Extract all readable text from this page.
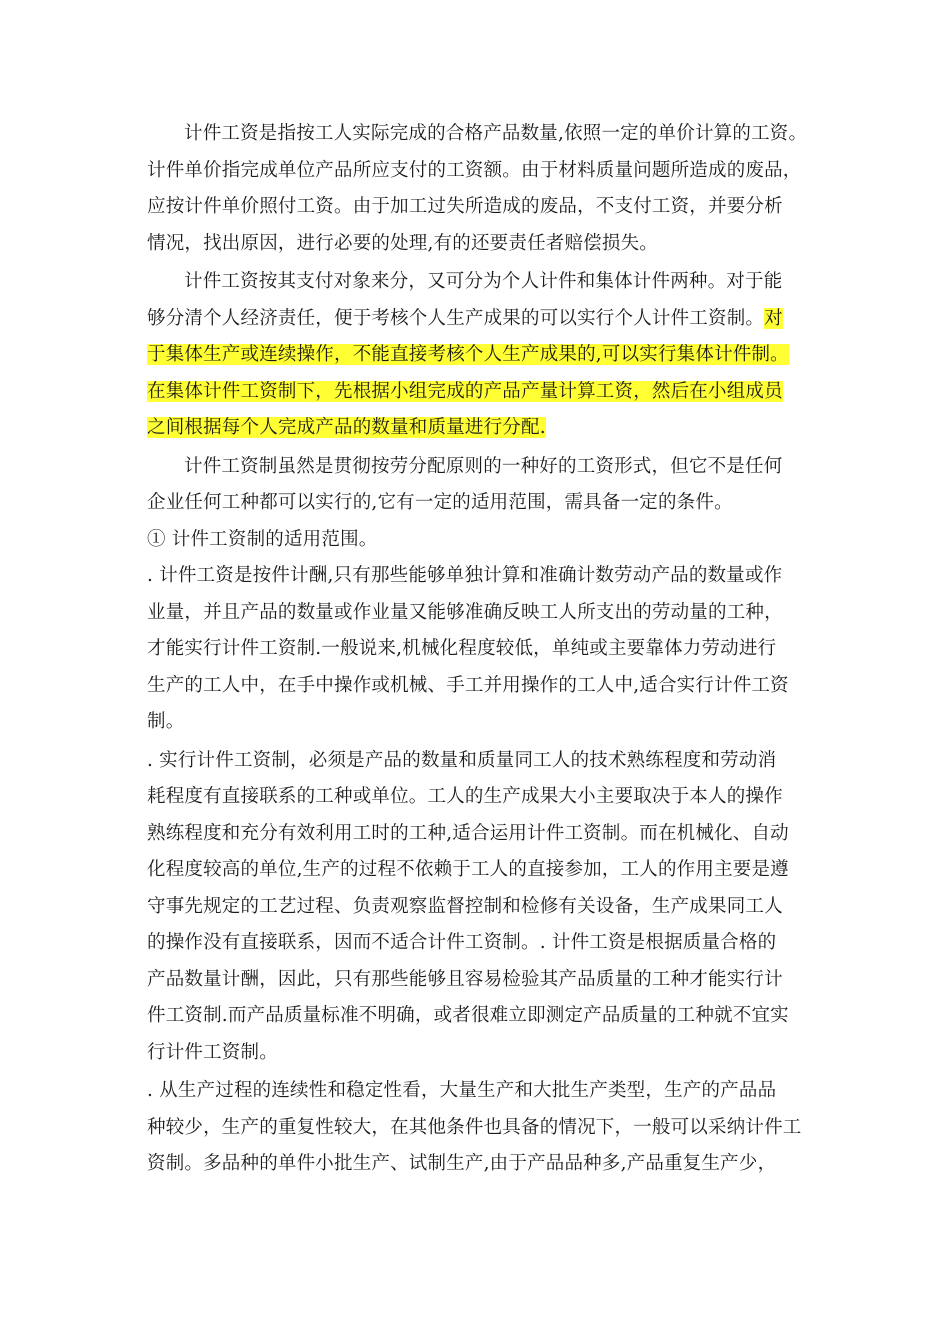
计件工资是指按工人实际完成的合格产品数量,依照一定的单价计算的工资。
计件单价指完成单位产品所应支付的工资额。由于材料质量问题所造成的废品，
应按计件单价照付工资。由于加工过失所造成的废品，不支付工资，并要分析
情况，找出原因，进行必要的处理,有的还要责任者赔偿损失。
计件工资按其支付对象来分，又可分为个人计件和集体计件两种。对于能
够分清个人经济责任，便于考核个人生产成果的可以实行个人计件工资制。对
于集体生产或连续操作，不能直接考核个人生产成果的,可以实行集体计件制。
在集体计件工资制下，先根据小组完成的产品产量计算工资，然后在小组成员
之间根据每个人完成产品的数量和质量进行分配.
计件工资制虽然是贯彻按劳分配原则的一种好的工资形式，但它不是任何
企业任何工种都可以实行的,它有一定的适用范围，需具备一定的条件。
① 计件工资制的适用范围。
. 计件工资是按件计酬,只有那些能够单独计算和准确计数劳动产品的数量或作
业量，并且产品的数量或作业量又能够准确反映工人所支出的劳动量的工种，
才能实行计件工资制.一般说来,机械化程度较低，单纯或主要靠体力劳动进行
生产的工人中，在手中操作或机械、手工并用操作的工人中,适合实行计件工资
制。
. 实行计件工资制，必须是产品的数量和质量同工人的技术熟练程度和劳动消
耗程度有直接联系的工种或单位。工人的生产成果大小主要取决于本人的操作
熟练程度和充分有效利用工时的工种,适合运用计件工资制。而在机械化、自动
化程度较高的单位,生产的过程不依赖于工人的直接参加，工人的作用主要是遵
守事先规定的工艺过程、负责观察监督控制和检修有关设备，生产成果同工人
的操作没有直接联系，因而不适合计件工资制。. 计件工资是根据质量合格的
产品数量计酬，因此，只有那些能够且容易检验其产品质量的工种才能实行计
件工资制.而产品质量标准不明确，或者很难立即测定产品质量的工种就不宜实
行计件工资制。
. 从生产过程的连续性和稳定性看，大量生产和大批生产类型，生产的产品品
种较少，生产的重复性较大，在其他条件也具备的情况下，一般可以采纳计件工
资制。多品种的单件小批生产、试制生产,由于产品品种多,产品重复生产少，
